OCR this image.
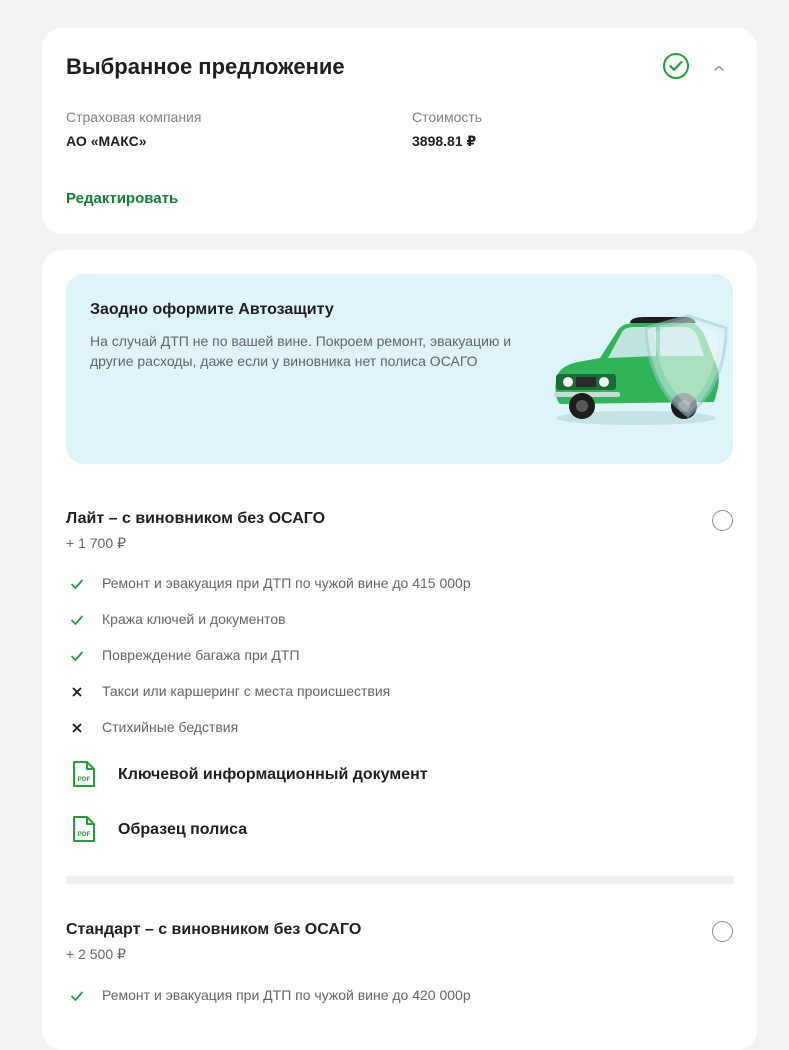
Выбранное предложение
Страховая компания
АО «МАКС»
Стоимость
3898.81 ₽
Редактировать
Заодно оформите Автозащиту
На случай ДТП не по вашей вине. Покроем ремонт, эвакуацию и другие расходы, даже если у виновника нет полиса ОСАГО
Лайт – с виновником без ОСАГО
+ 1 700 ₽
Ремонт и эвакуация при ДТП по чужой вине до 415 000р
Кража ключей и документов
Повреждение багажа при ДТП
Такси или каршеринг с места происшествия
Стихийные бедствия
PDF Ключевой информационный документ
PDF Образец полиса
Стандарт – с виновником без ОСАГО
+ 2 500 ₽
Ремонт и эвакуация при ДТП по чужой вине до 420 000р
